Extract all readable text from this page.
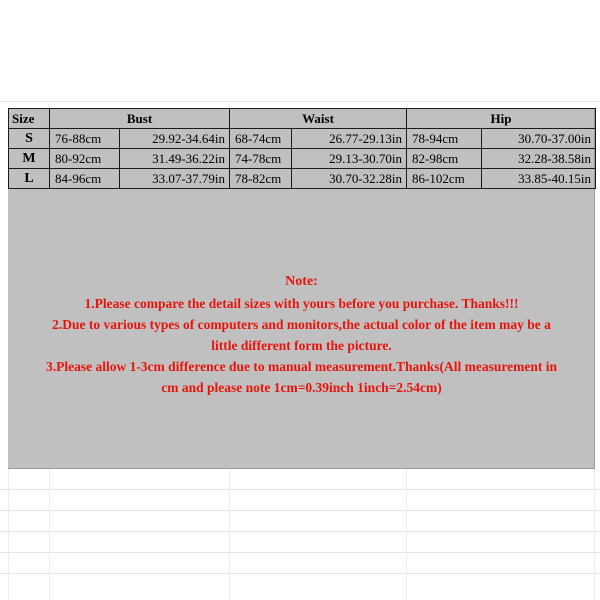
Size	Bust		Waist		Hip	
S	76-88cm	29.92-34.64in	68-74cm	26.77-29.13in	78-94cm	30.70-37.00in
M	80-92cm	31.49-36.22in	74-78cm	29.13-30.70in	82-98cm	32.28-38.58in
L	84-96cm	33.07-37.79in	78-82cm	30.70-32.28in	86-102cm	33.85-40.15in

Note:

1.Please compare the detail sizes with yours before you purchase. Thanks!!!

2.Due to various types of computers and monitors,the actual color of the item may be a

little different form the picture.

3.Please allow 1-3cm difference due to manual measurement.Thanks(All measurement in

cm and please note 1cm=0.39inch 1inch=2.54cm)
